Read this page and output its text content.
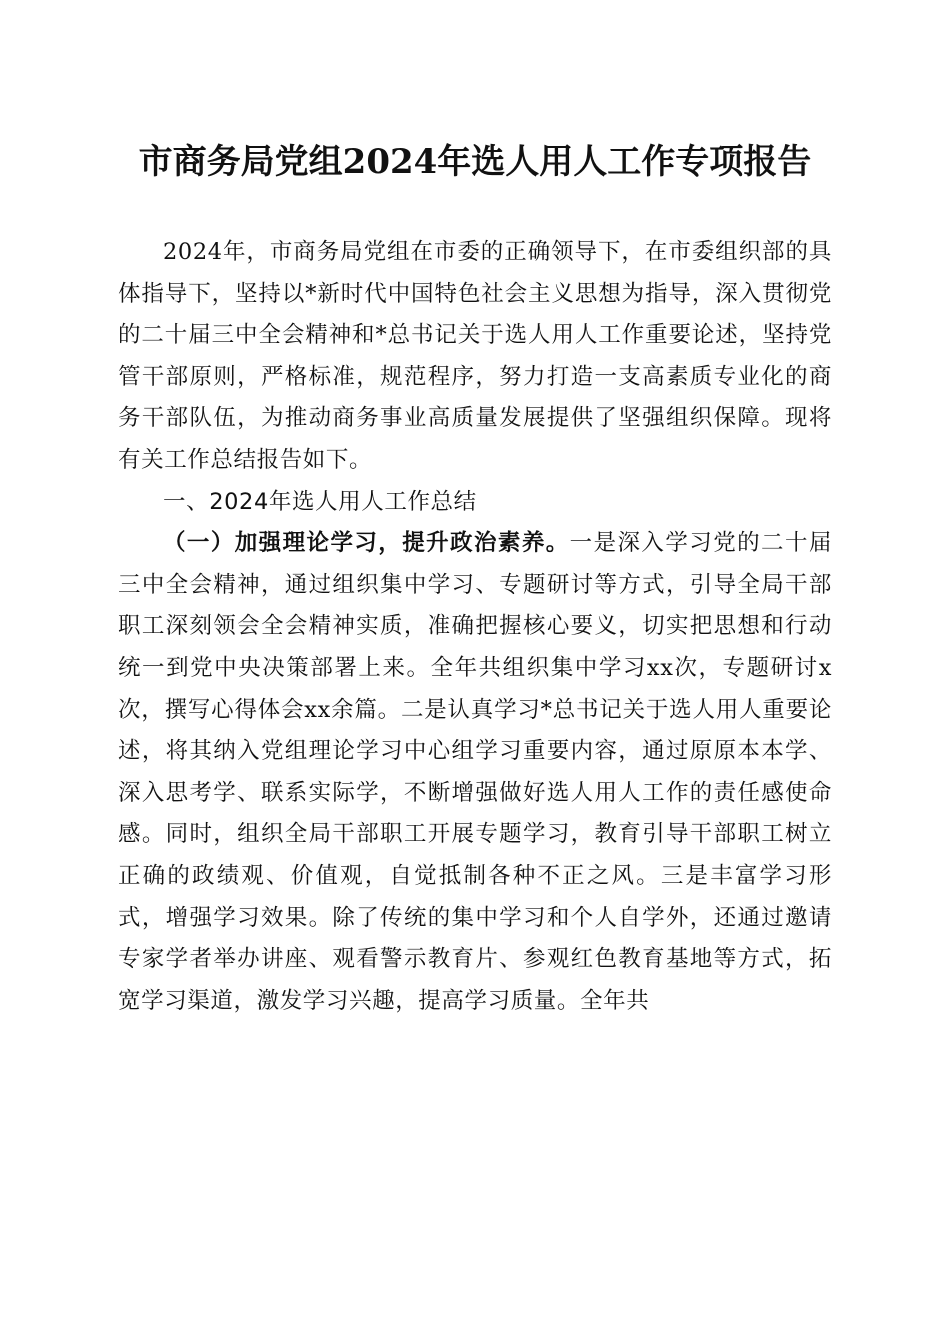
市商务局党组2024年选人用人工作专项报告

2024年，市商务局党组在市委的正确领导下，在市委组织部的具体指导下，坚持以*新时代中国特色社会主义思想为指导，深入贯彻党的二十届三中全会精神和*总书记关于选人用人工作重要论述，坚持党管干部原则，严格标准，规范程序，努力打造一支高素质专业化的商务干部队伍，为推动商务事业高质量发展提供了坚强组织保障。现将有关工作总结报告如下。

一、2024年选人用人工作总结

（一）加强理论学习，提升政治素养。一是深入学习党的二十届三中全会精神，通过组织集中学习、专题研讨等方式，引导全局干部职工深刻领会全会精神实质，准确把握核心要义，切实把思想和行动统一到党中央决策部署上来。全年共组织集中学习xx次，专题研讨x次，撰写心得体会xx余篇。二是认真学习*总书记关于选人用人重要论述，将其纳入党组理论学习中心组学习重要内容，通过原原本本学、深入思考学、联系实际学，不断增强做好选人用人工作的责任感使命感。同时，组织全局干部职工开展专题学习，教育引导干部职工树立正确的政绩观、价值观，自觉抵制各种不正之风。三是丰富学习形式，增强学习效果。除了传统的集中学习和个人自学外，还通过邀请专家学者举办讲座、观看警示教育片、参观红色教育基地等方式，拓宽学习渠道，激发学习兴趣，提高学习质量。全年共
